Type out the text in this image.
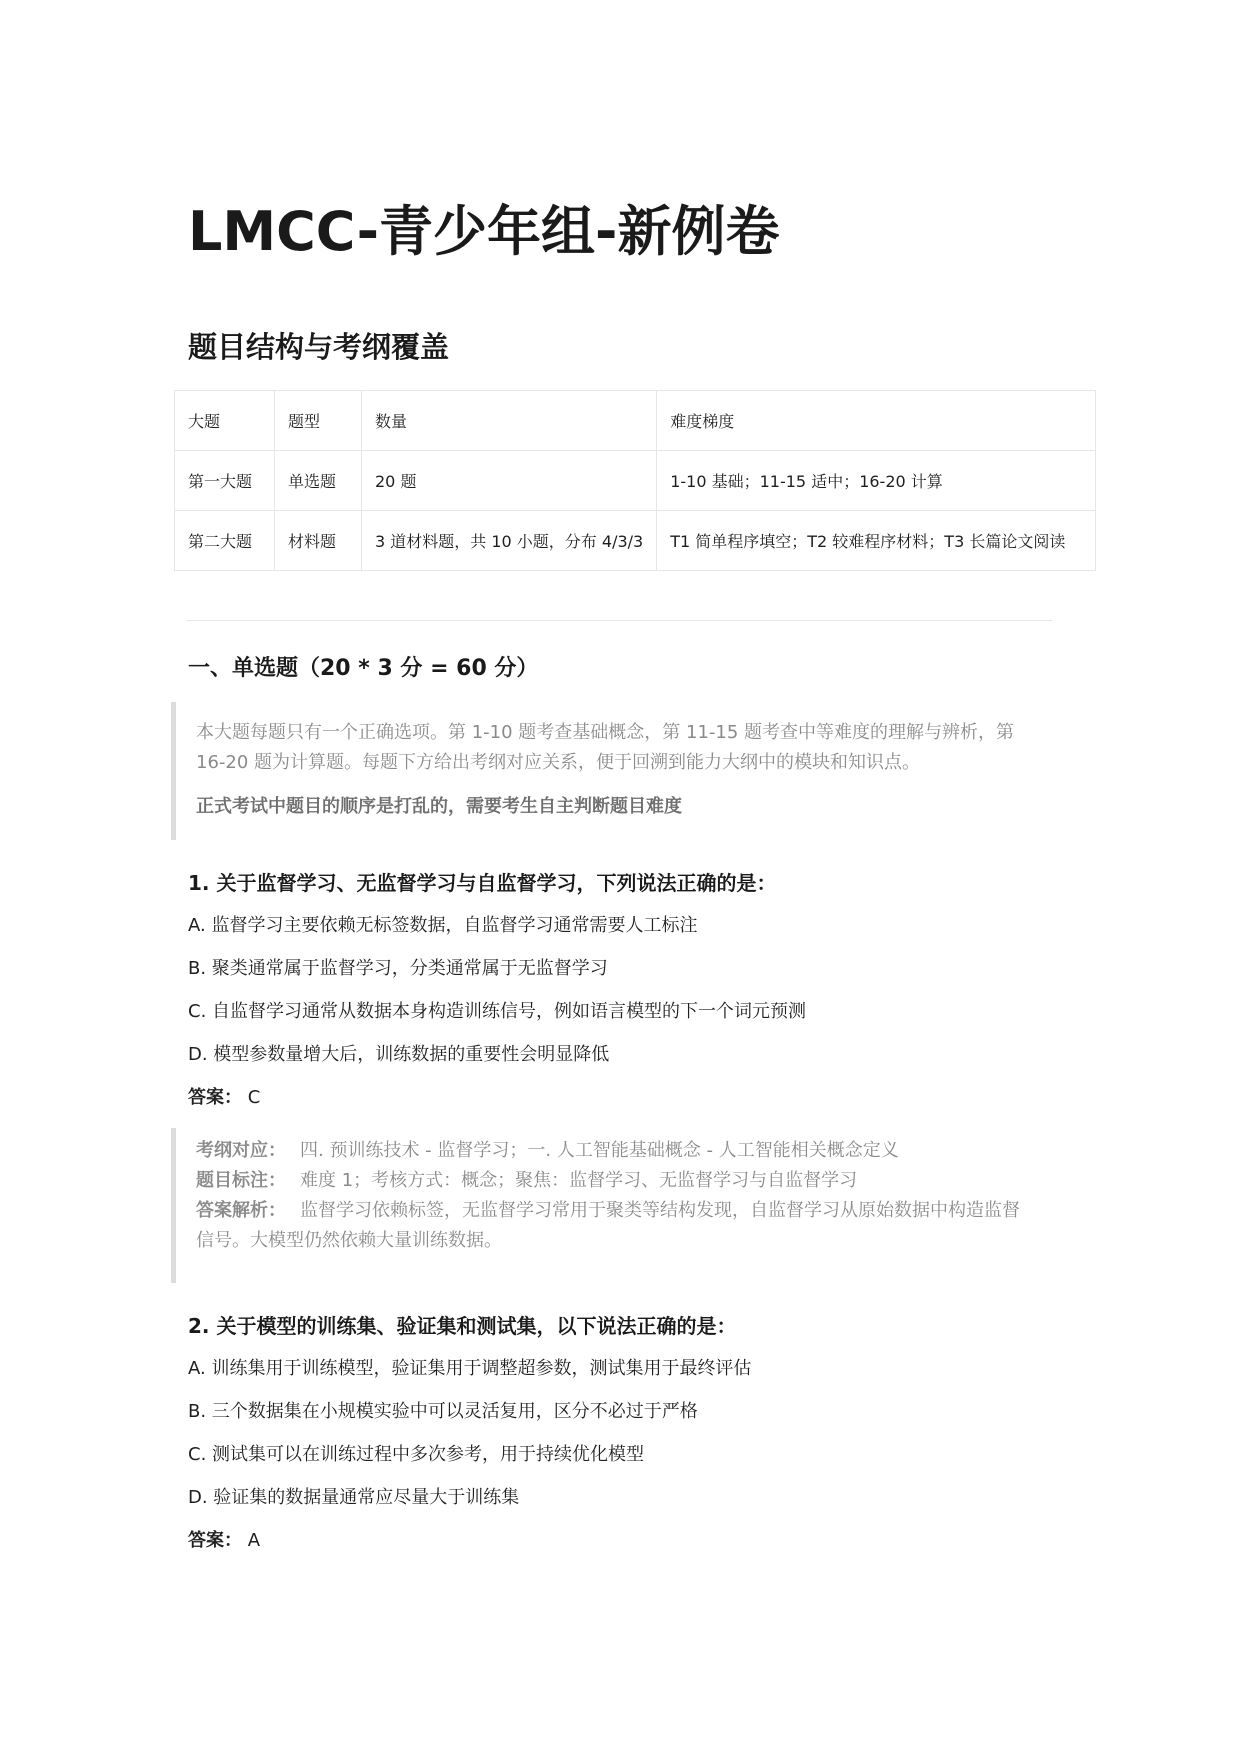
LMCC-青少年组-新例卷
题目结构与考纲覆盖
大题	题型	数量	难度梯度
第一大题	单选题	20 题	1-10 基础；11-15 适中；16-20 计算
第二大题	材料题	3 道材料题，共 10 小题，分布 4/3/3	T1 简单程序填空；T2 较难程序材料；T3 长篇论文阅读
一、单选题（20 * 3 分 = 60 分）

本大题每题只有一个正确选项。第 1-10 题考查基础概念，第 11-15 题考查中等难度的理解与辨析，第 16-20 题为计算题。每题下方给出考纲对应关系，便于回溯到能力大纲中的模块和知识点。

正式考试中题目的顺序是打乱的，需要考生自主判断题目难度

1. 关于监督学习、无监督学习与自监督学习，下列说法正确的是：

A. 监督学习主要依赖无标签数据，自监督学习通常需要人工标注

B. 聚类通常属于监督学习，分类通常属于无监督学习

C. 自监督学习通常从数据本身构造训练信号，例如语言模型的下一个词元预测

D. 模型参数量增大后，训练数据的重要性会明显降低

答案： C

考纲对应： 四. 预训练技术 - 监督学习；一. 人工智能基础概念 - 人工智能相关概念定义
题目标注： 难度 1；考核方式：概念；聚焦：监督学习、无监督学习与自监督学习
答案解析： 监督学习依赖标签，无监督学习常用于聚类等结构发现，自监督学习从原始数据中构造监督信号。大模型仍然依赖大量训练数据。

2. 关于模型的训练集、验证集和测试集，以下说法正确的是：

A. 训练集用于训练模型，验证集用于调整超参数，测试集用于最终评估

B. 三个数据集在小规模实验中可以灵活复用，区分不必过于严格

C. 测试集可以在训练过程中多次参考，用于持续优化模型

D. 验证集的数据量通常应尽量大于训练集

答案： A
